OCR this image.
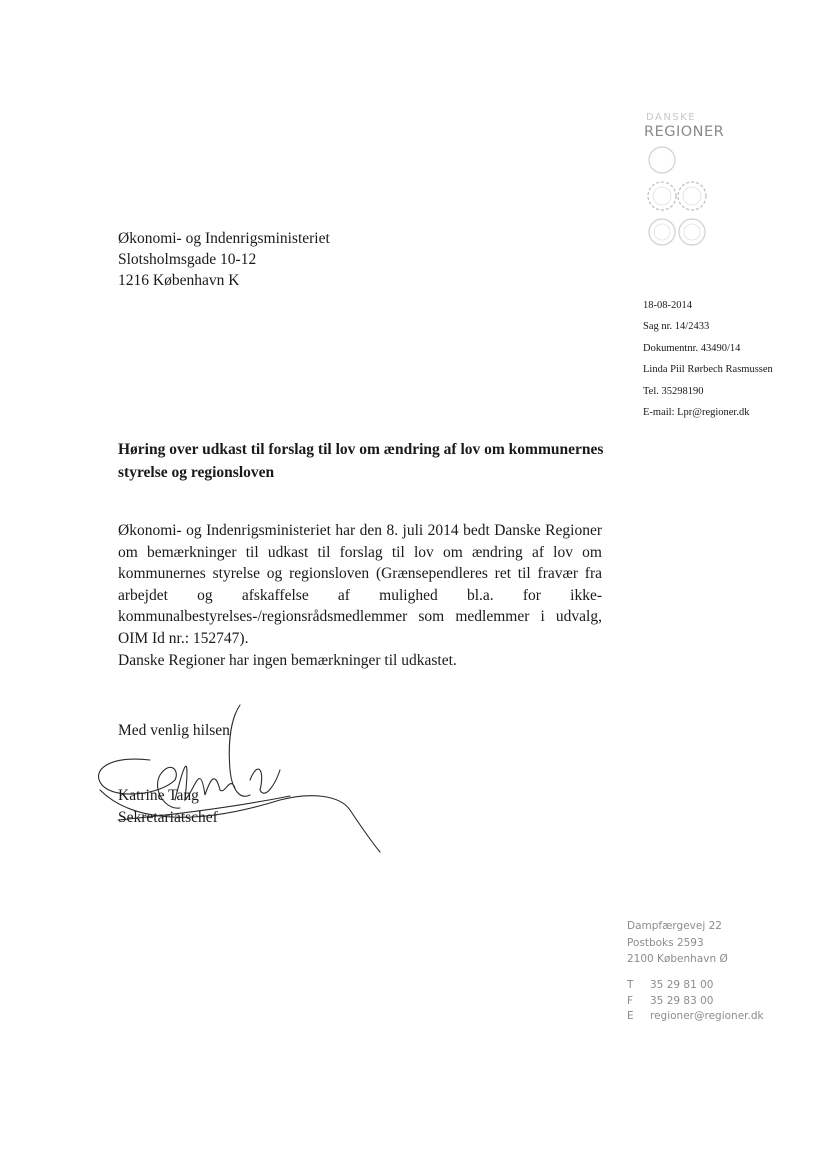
DANSKE
REGIONER
Økonomi- og Indenrigsministeriet
Slotsholmsgade 10-12
1216 København K
18-08-2014
Sag nr. 14/2433
Dokumentnr. 43490/14
Linda Piil Rørbech Rasmussen
Tel. 35298190
E-mail: Lpr@regioner.dk
Høring over udkast til forslag til lov om ændring af lov om kommunernes styrelse og regionsloven
Økonomi- og Indenrigsministeriet har den 8. juli 2014 bedt Danske Regioner om bemærkninger til udkast til forslag til lov om ændring af lov om kommunernes styrelse og regionsloven (Grænsependleres ret til fravær fra arbejdet og afskaffelse af mulighed bl.a. for ikke-kommunalbestyrelses-/regionsrådsmedlemmer som medlemmer i udvalg, OIM Id nr.: 152747).
Danske Regioner har ingen bemærkninger til udkastet.
Med venlig hilsen
Katrine Tang
Sekretariatschef
Dampfærgevej 22
Postboks 2593
2100 København Ø
T	35 29 81 00
F	35 29 83 00
E	regioner@regioner.dk
